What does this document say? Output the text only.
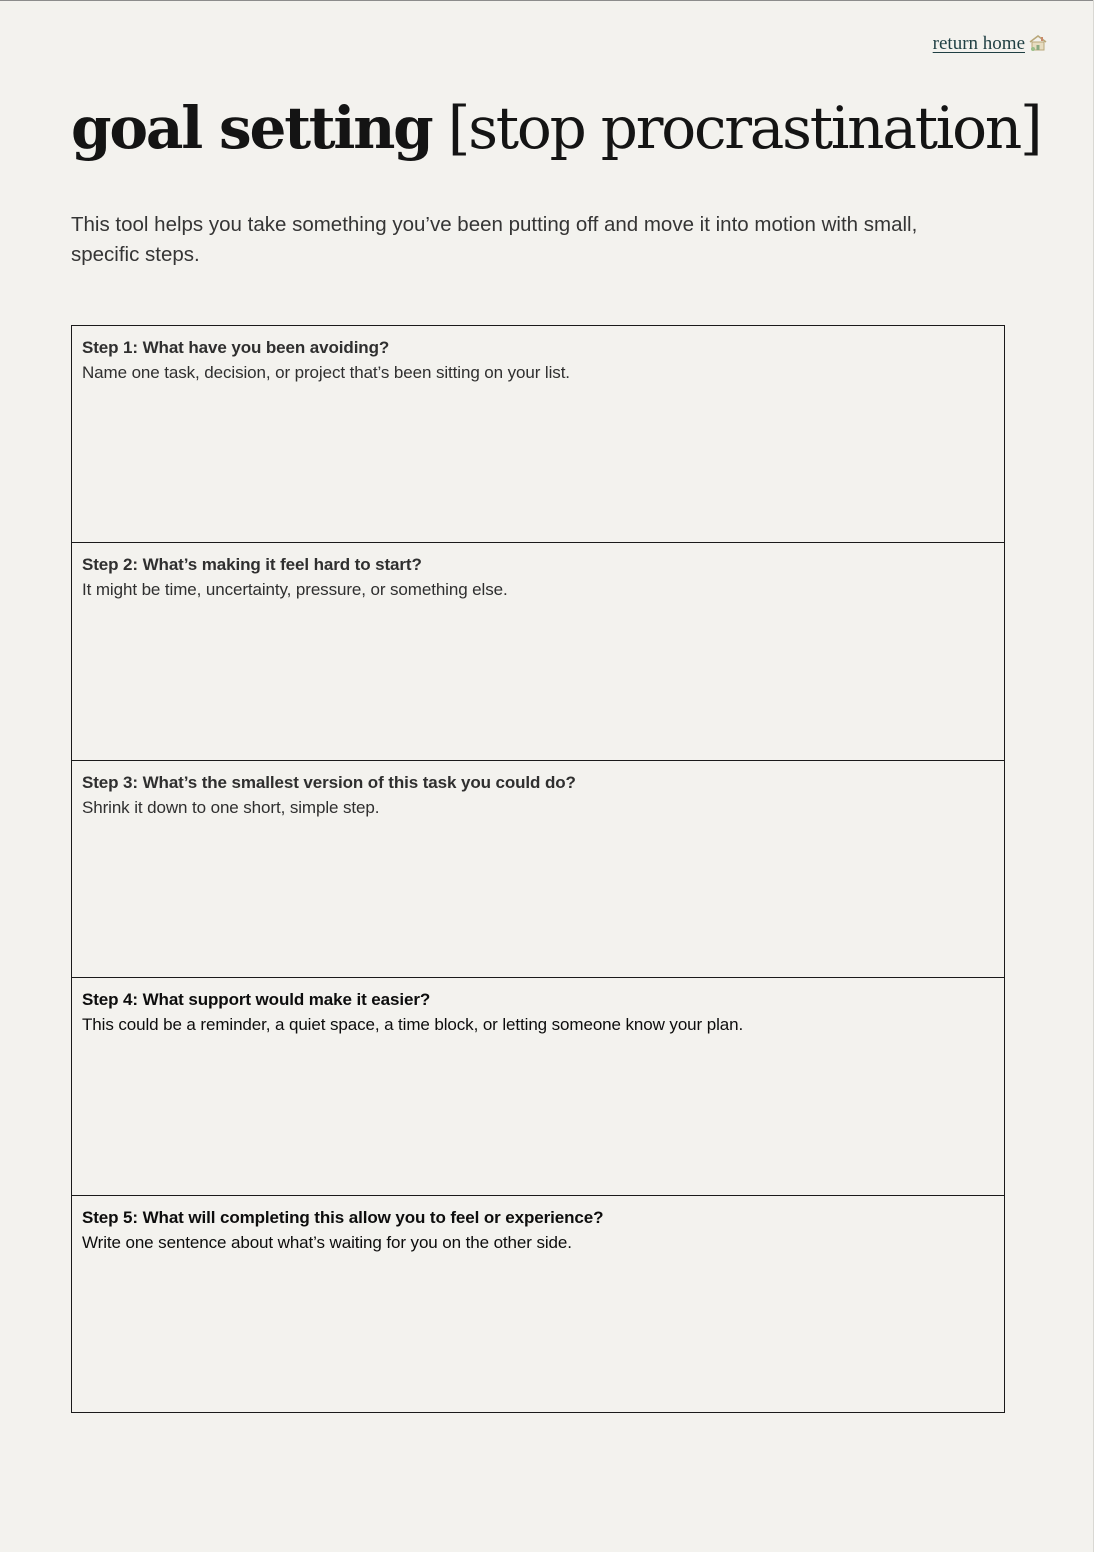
return home
goal setting [stop procrastination]

This tool helps you take something you’ve been putting off and move it into motion with small, specific steps.

Step 1: What have you been avoiding?
Name one task, decision, or project that’s been sitting on your list.
Step 2: What’s making it feel hard to start?
It might be time, uncertainty, pressure, or something else.
Step 3: What’s the smallest version of this task you could do?
Shrink it down to one short, simple step.
Step 4: What support would make it easier?
This could be a reminder, a quiet space, a time block, or letting someone know your plan.
Step 5: What will completing this allow you to feel or experience?
Write one sentence about what’s waiting for you on the other side.
